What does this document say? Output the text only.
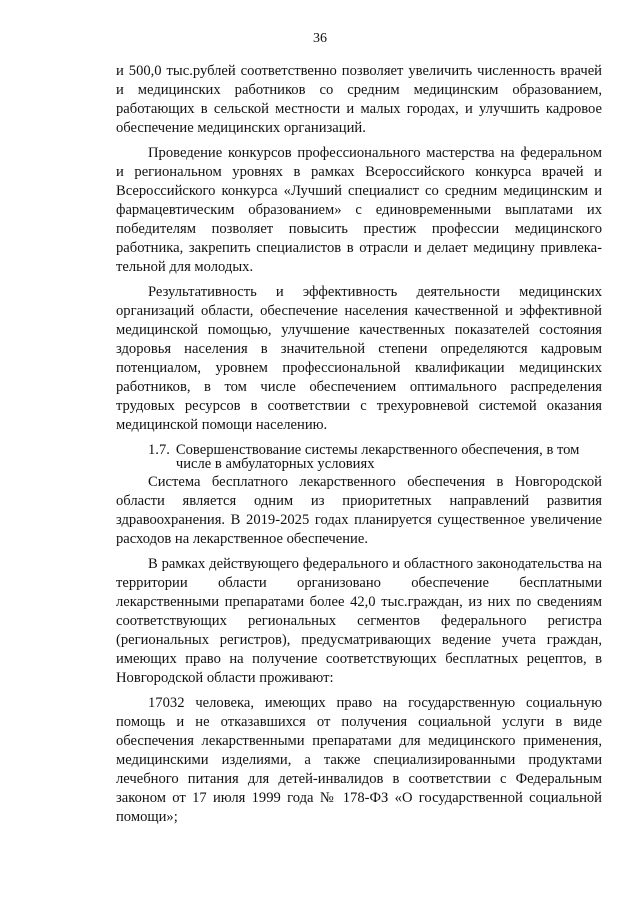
36

и 500,0 тыс.рублей соответственно позволяет увеличить численность врачей и медицинских работников со средним медицинским образованием, работающих в сельской местности и малых городах, и улучшить кадровое обеспечение медицинских организаций.

Проведение конкурсов профессионального мастерства на федеральном и региональном уровнях в рамках Всероссийского конкурса врачей и Всероссийского конкурса «Лучший специалист со средним медицинским и фармацевтическим образованием» с единовременными выплатами их победителям позволяет повысить престиж профессии медицинского работника, закрепить специалистов в отрасли и делает медицину привлекательной для молодых.

Результативность и эффективность деятельности медицинских организаций области, обеспечение населения качественной и эффективной медицинской помощью, улучшение качественных показателей состояния здоровья населения в значительной степени определяются кадровым потенциалом, уровнем профессиональной квалификации медицинских работников, в том числе обеспечением оптимального распределения трудовых ресурсов в соответствии с трехуровневой системой оказания медицинской помощи населению.

1.7. Совершенствование системы лекарственного обеспечения, в том числе в амбулаторных условиях

Система бесплатного лекарственного обеспечения в Новгородской области является одним из приоритетных направлений развития здравоохранения. В 2019-2025 годах планируется существенное увеличение расходов на лекарственное обеспечение.

В рамках действующего федерального и областного законодательства на территории области организовано обеспечение бесплатными лекарственными препаратами более 42,0 тыс.граждан, из них по сведениям соответствующих региональных сегментов федерального регистра (региональных регистров), предусматривающих ведение учета граждан, имеющих право на получение соответствующих бесплатных рецептов, в Новгородской области проживают:

17032 человека, имеющих право на государственную социальную помощь и не отказавшихся от получения социальной услуги в виде обеспечения лекарственными препаратами для медицинского применения, медицинскими изделиями, а также специализированными продуктами лечебного питания для детей-инвалидов в соответствии с Федеральным законом от 17 июля 1999 года № 178-ФЗ «О государственной социальной помощи»;
